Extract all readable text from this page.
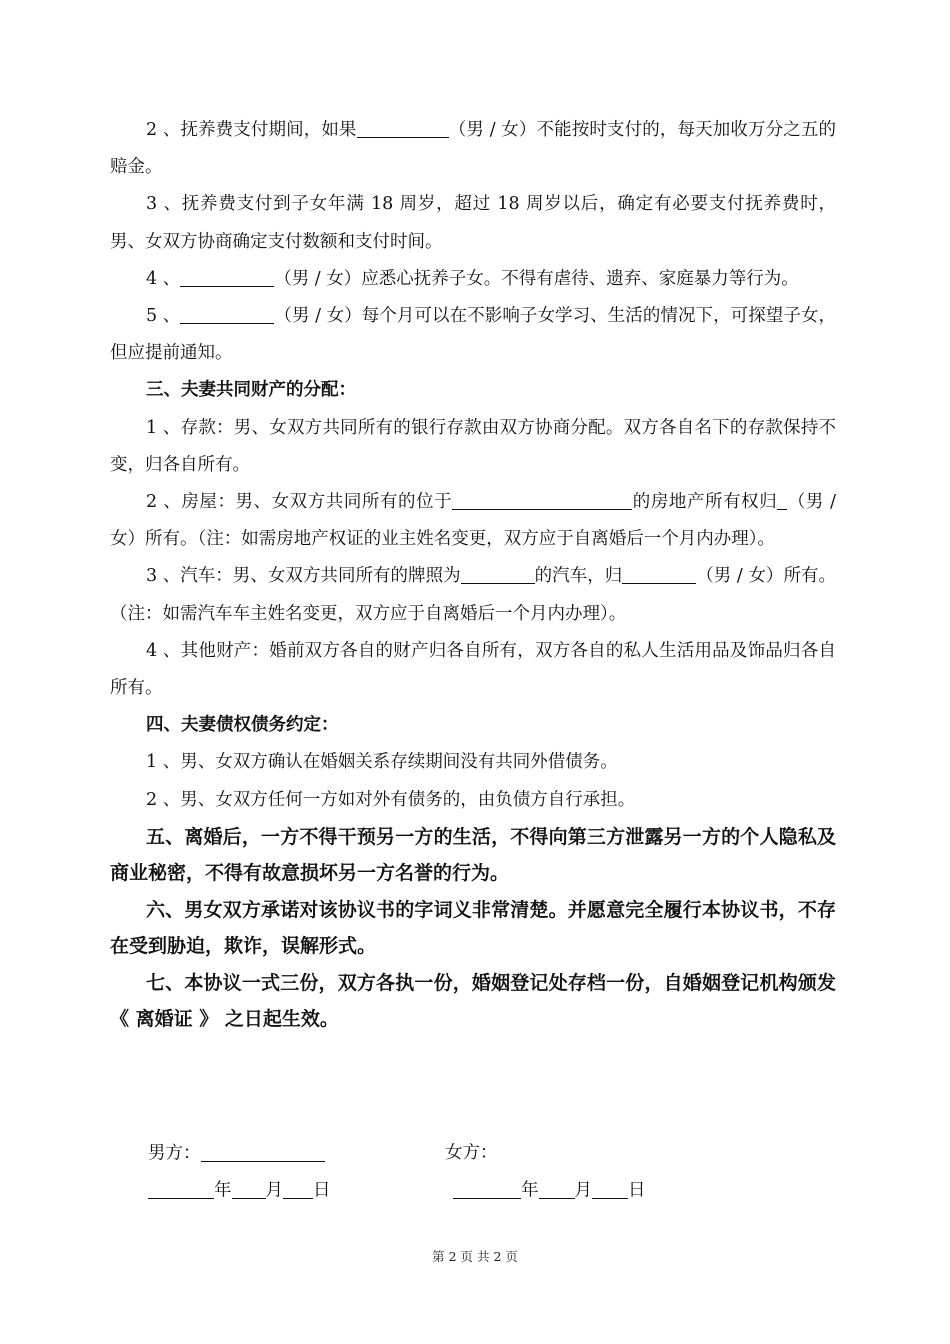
2 、抚养费支付期间，如果	（男 / 女）不能按时支付的，每天加收万分之五的赔金。

3 、抚养费支付到子女年满 18 周岁，超过 18 周岁以后，确定有必要支付抚养费时，男、女双方协商确定支付数额和支付时间。

4 、	（男 / 女）应悉心抚养子女。不得有虐待、遗弃、家庭暴力等行为。

5 、	（男 / 女）每个月可以在不影响子女学习、生活的情况下，可探望子女，但应提前通知。

三、夫妻共同财产的分配：

1 、存款：男、女双方共同所有的银行存款由双方协商分配。双方各自名下的存款保持不变，归各自所有。

2 、房屋：男、女双方共同所有的位于	的房地产所有权归 （男 / 女）所有。（注：如需房地产权证的业主姓名变更，双方应于自离婚后一个月内办理）。

3 、汽车：男、女双方共同所有的牌照为	的汽车，归	（男 / 女）所有。（注：如需汽车车主姓名变更，双方应于自离婚后一个月内办理）。

4 、其他财产：婚前双方各自的财产归各自所有，双方各自的私人生活用品及饰品归各自所有。

四、夫妻债权债务约定：

1 、男、女双方确认在婚姻关系存续期间没有共同外借债务。

2 、男、女双方任何一方如对外有债务的，由负债方自行承担。

五、离婚后，一方不得干预另一方的生活，不得向第三方泄露另一方的个人隐私及商业秘密，不得有故意损坏另一方名誉的行为。

六、男女双方承诺对该协议书的字词义非常清楚。并愿意完全履行本协议书，不存在受到胁迫，欺诈，误解形式。

七、本协议一式三份，双方各执一份，婚姻登记处存档一份，自婚姻登记机构颁发《 离婚证 》 之日起生效。

男方：	女方：
年 月 日	年 月 日
第 2 页 共 2 页
